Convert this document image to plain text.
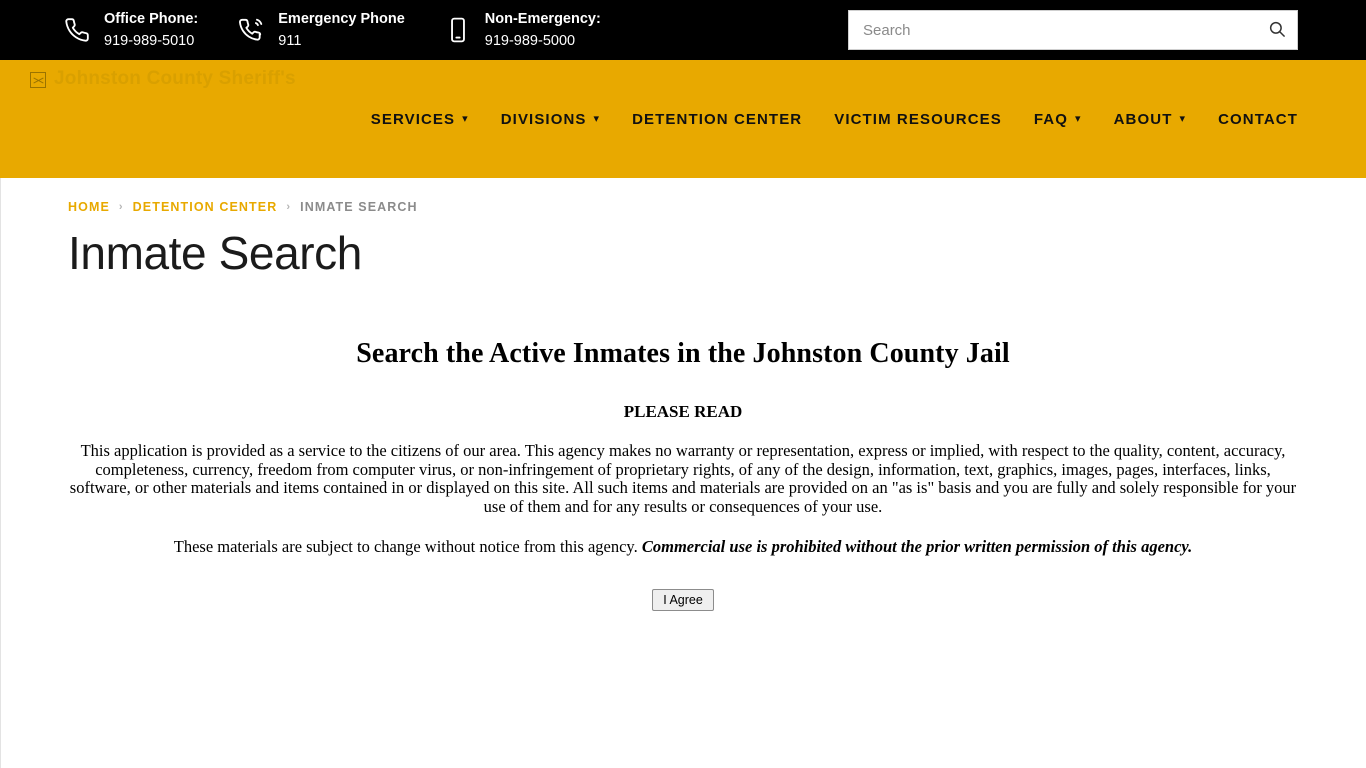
Office Phone:
919-989-5010
Emergency Phone
911
Non-Emergency:
919-989-5000
Search
Johnston County Sheriff's
SERVICES ▾ DIVISIONS ▾ DETENTION CENTER VICTIM RESOURCES FAQ ▾ ABOUT ▾ CONTACT
HOME › DETENTION CENTER › INMATE SEARCH
Inmate Search
Search the Active Inmates in the Johnston County Jail
PLEASE READ

This application is provided as a service to the citizens of our area. This agency makes no warranty or representation, express or implied, with respect to the quality, content, accuracy, completeness, currency, freedom from computer virus, or non-infringement of proprietary rights, of any of the design, information, text, graphics, images, pages, interfaces, links, software, or other materials and items contained in or displayed on this site. All such items and materials are provided on an "as is" basis and you are fully and solely responsible for your use of them and for any results or consequences of your use.

These materials are subject to change without notice from this agency. Commercial use is prohibited without the prior written permission of this agency.

I Agree
